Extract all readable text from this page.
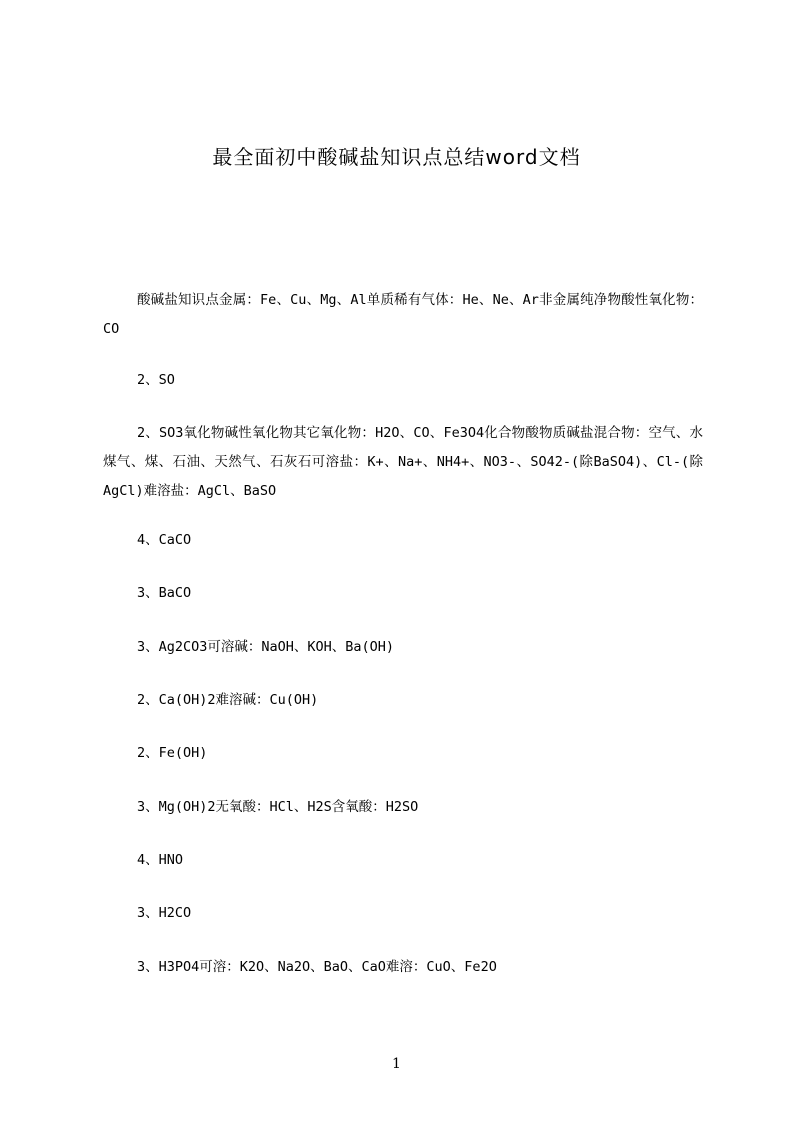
最全面初中酸碱盐知识点总结word文档
酸碱盐知识点金属：Fe、Cu、Mg、Al单质稀有气体：He、Ne、Ar非金属纯净物酸性氧化物：CO
2、SO
2、SO3氧化物碱性氧化物其它氧化物：H2O、CO、Fe3O4化合物酸物质碱盐混合物：空气、水煤气、煤、石油、天然气、石灰石可溶盐：K+、Na+、NH4+、NO3-、SO42-(除BaSO4)、Cl-(除AgCl)难溶盐：AgCl、BaSO
4、CaCO
3、BaCO
3、Ag2CO3可溶碱：NaOH、KOH、Ba(OH)
2、Ca(OH)2难溶碱：Cu(OH)
2、Fe(OH)
3、Mg(OH)2无氧酸：HCl、H2S含氧酸：H2SO
4、HNO
3、H2CO
3、H3PO4可溶：K2O、Na2O、BaO、CaO难溶：CuO、Fe2O
1
